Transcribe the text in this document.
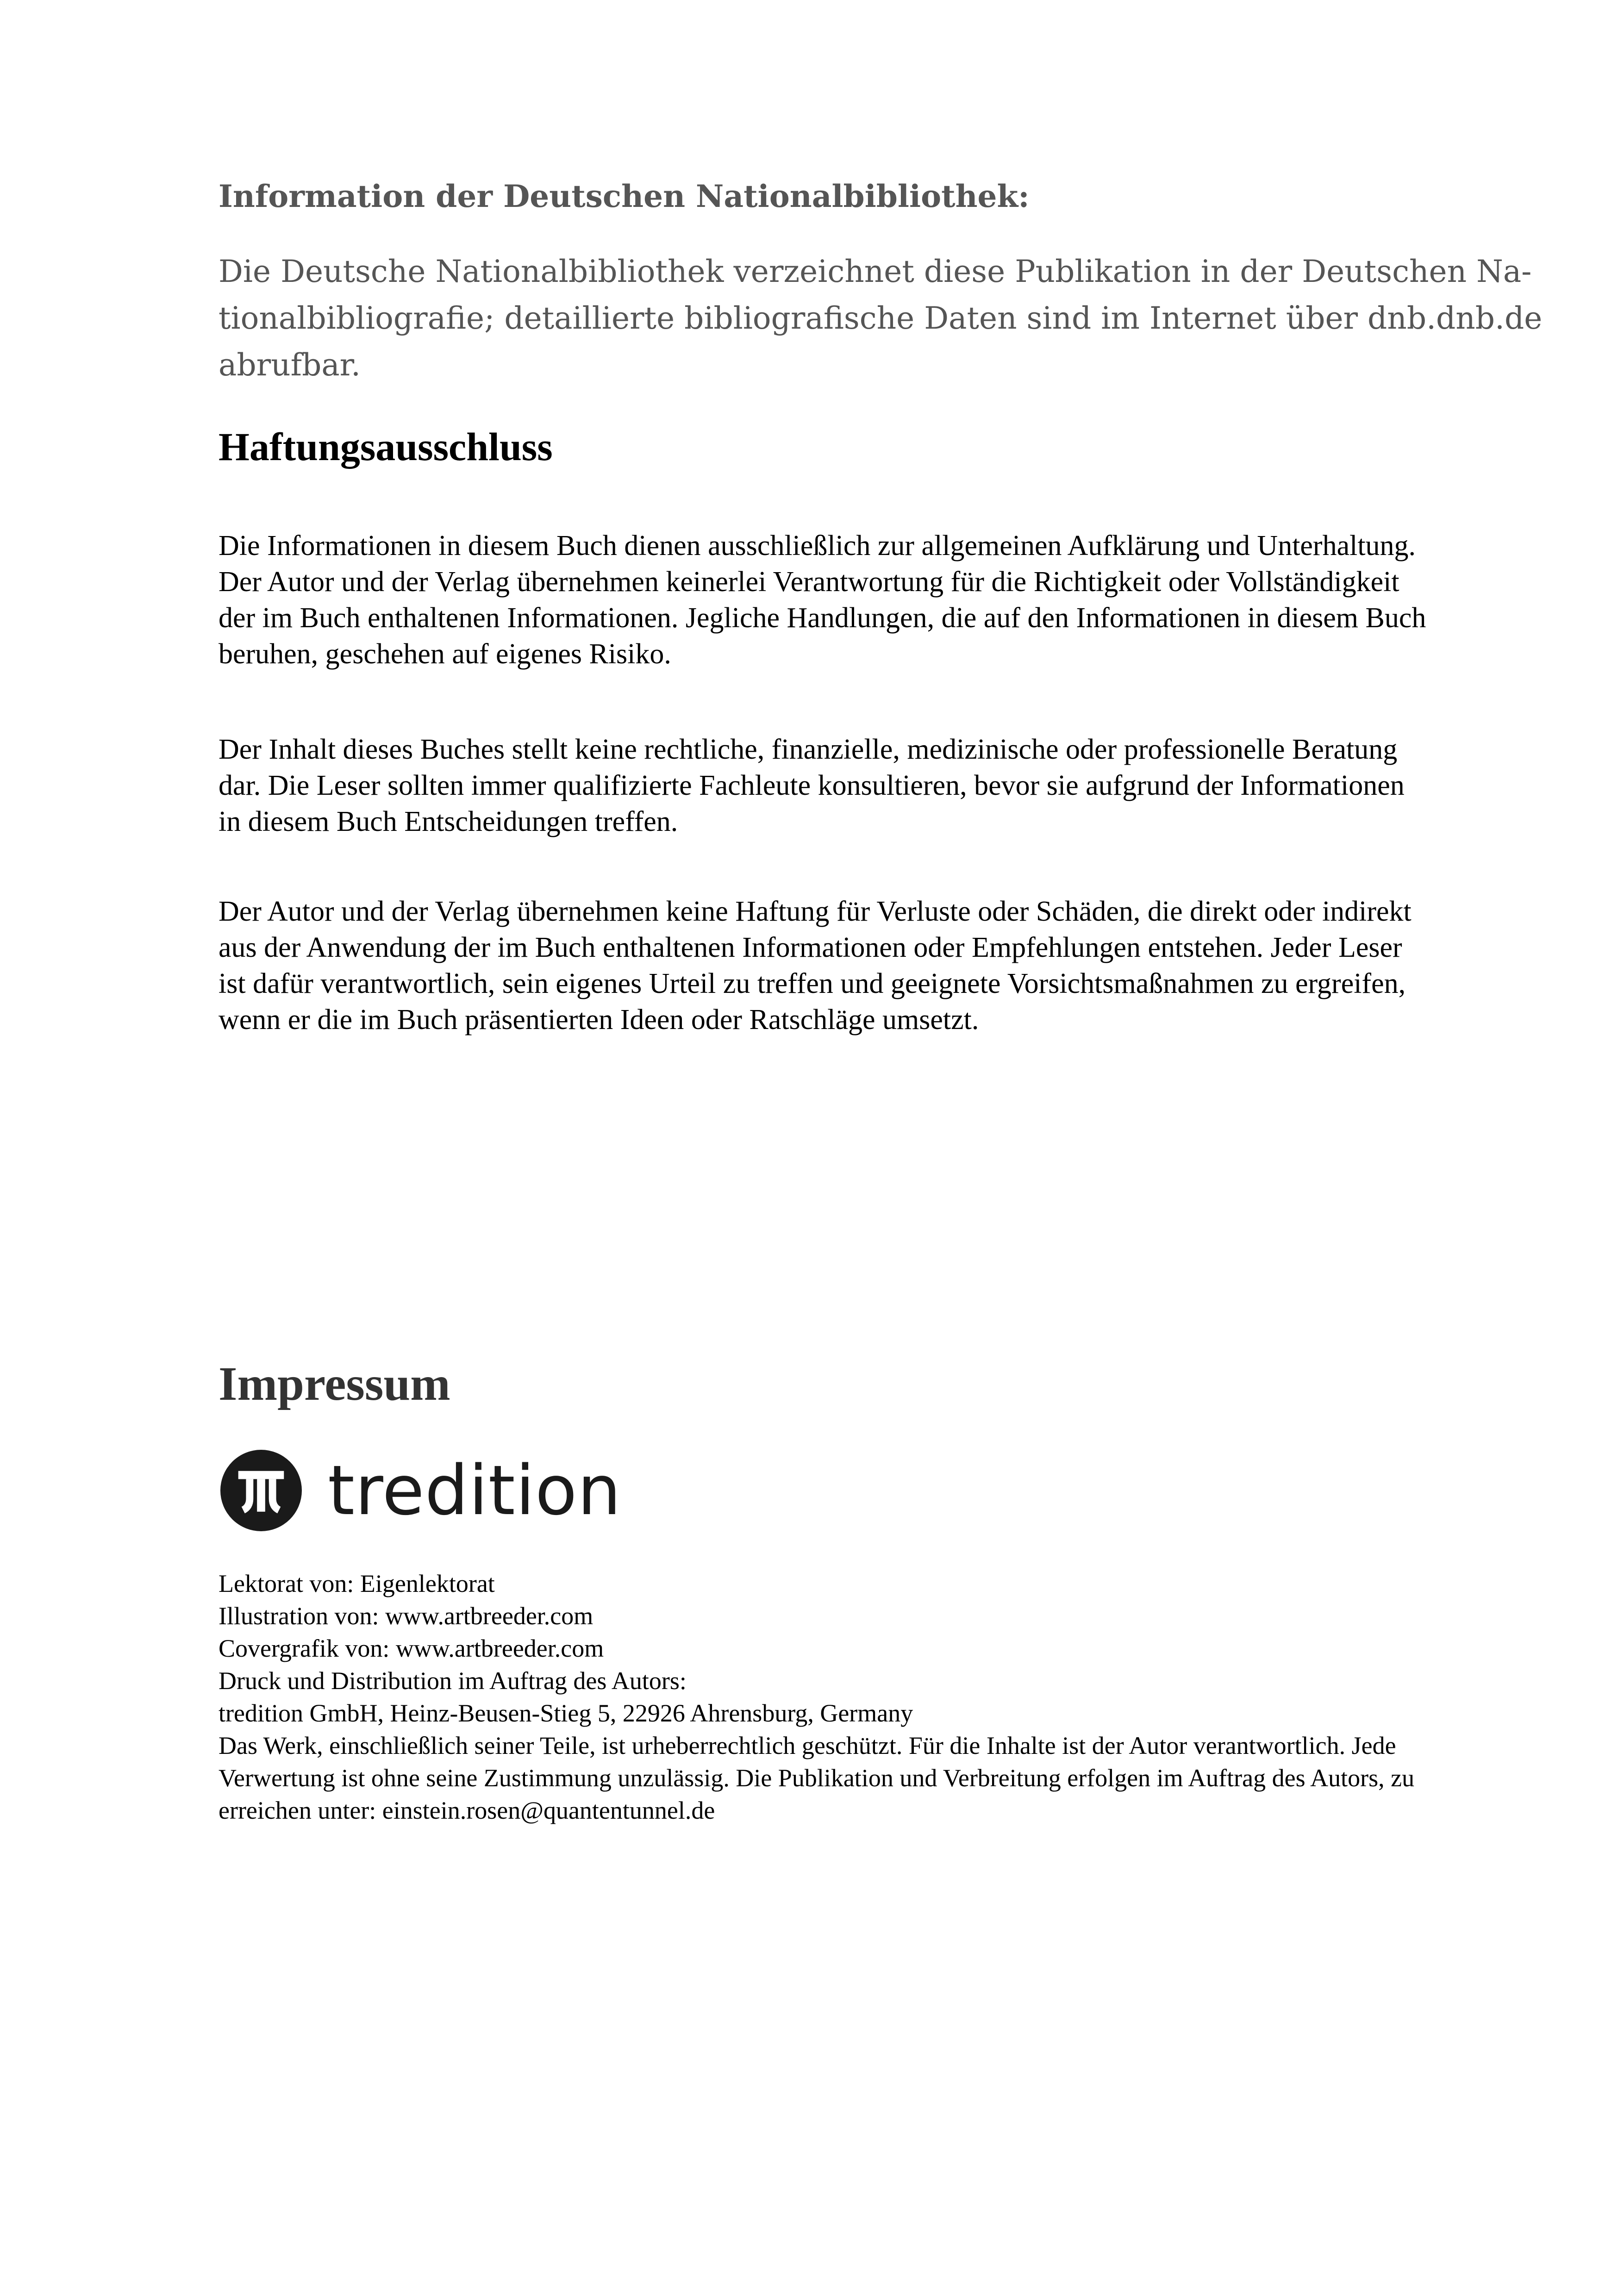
Information der Deutschen Nationalbibliothek:

Die Deutsche Nationalbibliothek verzeichnet diese Publikation in der Deutschen Na-
tionalbibliografie; detaillierte bibliografische Daten sind im Internet über dnb.dnb.de
abrufbar.

Haftungsausschluss

Die Informationen in diesem Buch dienen ausschließlich zur allgemeinen Aufklärung und Unterhaltung.
Der Autor und der Verlag übernehmen keinerlei Verantwortung für die Richtigkeit oder Vollständigkeit
der im Buch enthaltenen Informationen. Jegliche Handlungen, die auf den Informationen in diesem Buch
beruhen, geschehen auf eigenes Risiko.

Der Inhalt dieses Buches stellt keine rechtliche, finanzielle, medizinische oder professionelle Beratung
dar. Die Leser sollten immer qualifizierte Fachleute konsultieren, bevor sie aufgrund der Informationen
in diesem Buch Entscheidungen treffen.

Der Autor und der Verlag übernehmen keine Haftung für Verluste oder Schäden, die direkt oder indirekt
aus der Anwendung der im Buch enthaltenen Informationen oder Empfehlungen entstehen. Jeder Leser
ist dafür verantwortlich, sein eigenes Urteil zu treffen und geeignete Vorsichtsmaßnahmen zu ergreifen,
wenn er die im Buch präsentierten Ideen oder Ratschläge umsetzt.

Impressum
tredition

Lektorat von: Eigenlektorat
Illustration von: www.artbreeder.com
Covergrafik von: www.artbreeder.com
Druck und Distribution im Auftrag des Autors:
tredition GmbH, Heinz-Beusen-Stieg 5, 22926 Ahrensburg, Germany
Das Werk, einschließlich seiner Teile, ist urheberrechtlich geschützt. Für die Inhalte ist der Autor verantwortlich. Jede
Verwertung ist ohne seine Zustimmung unzulässig. Die Publikation und Verbreitung erfolgen im Auftrag des Autors, zu
erreichen unter: einstein.rosen@quantentunnel.de
